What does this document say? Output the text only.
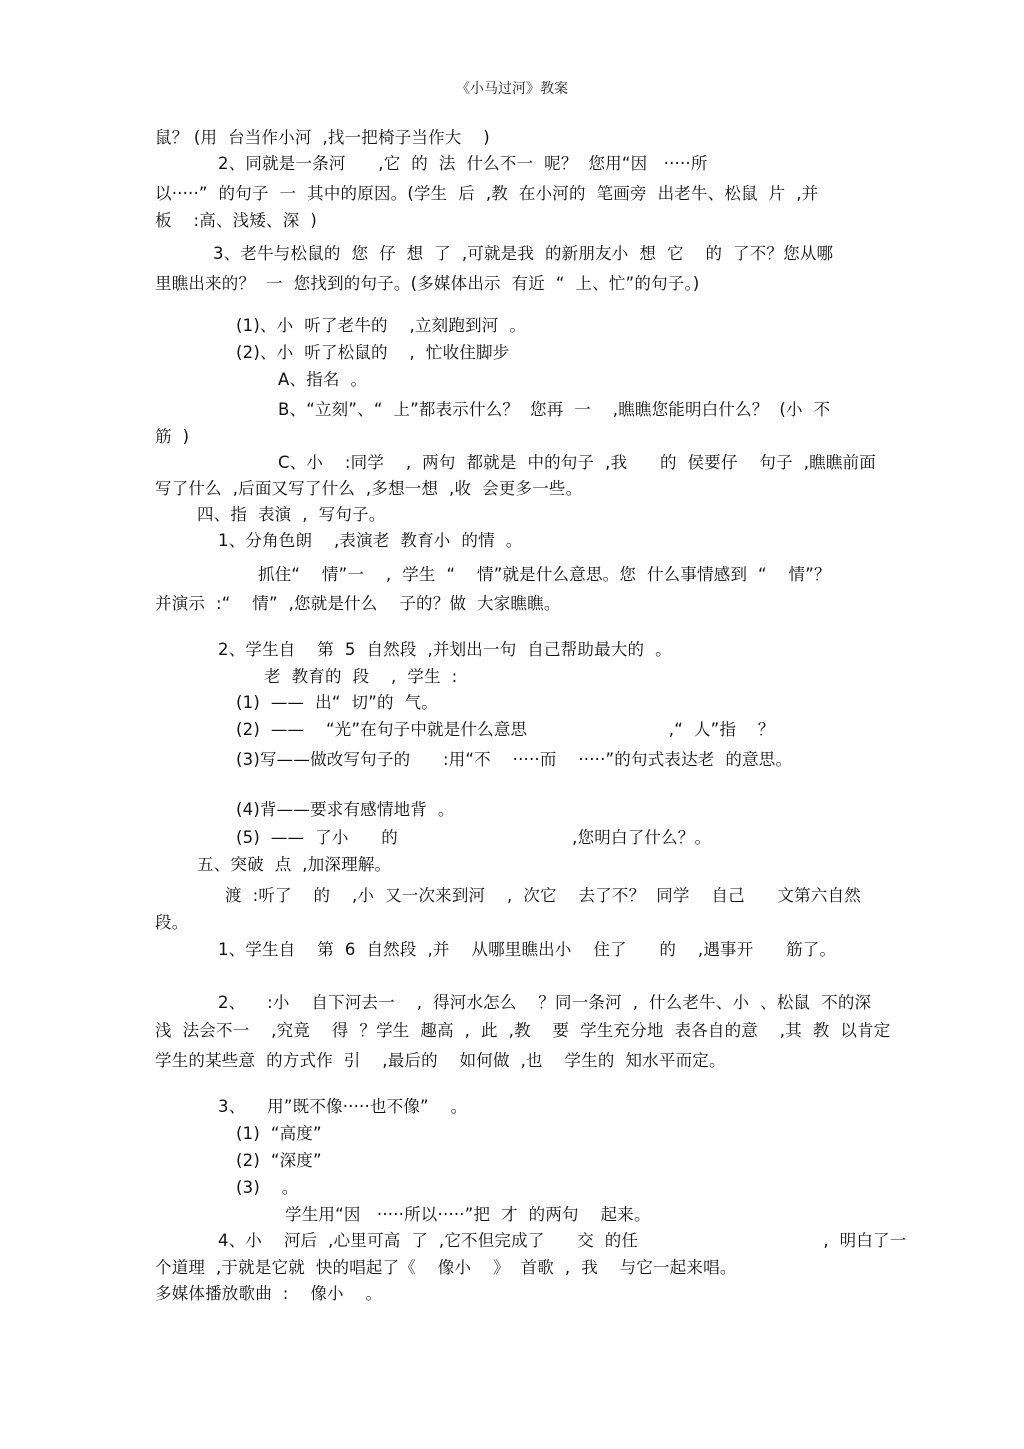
《小马过河》教案
鼠？ (用  台当作小河  ,找一把椅子当作大    )
2、同就是一条河      ,它  的  法  什么不一  呢？  您用“因   ·····所
以·····”  的句子  一  其中的原因。(学生  后  ,教  在小河的  笔画旁  出老牛、松鼠  片  ,并
板    :高、浅矮、深  )
3、老牛与松鼠的  您  仔  想  了  ,可就是我  的新朋友小  想  它    的  了不？您从哪
里瞧出来的？  一  您找到的句子。(多媒体出示  有近  “  上、忙”的句子。)
(1)、小  听了老牛的    ,立刻跑到河  。
(2)、小  听了松鼠的    ,  忙收住脚步
A、指名  。
B、“立刻”、“  上”都表示什么？  您再  一    ,瞧瞧您能明白什么？  (小  不
筋  )
C、小    :同学    ,  两句  都就是  中的句子  ,我      的  侯要仔    句子  ,瞧瞧前面
写了什么  ,后面又写了什么  ,多想一想  ,收  会更多一些。
四、指  表演  ,  写句子。
1、分角色朗    ,表演老  教育小  的情  。
抓住“    情”一    ,  学生  “    情”就是什么意思。您  什么事情感到  “    情”？
并演示  :“    情”  ,您就是什么    子的？做  大家瞧瞧。
2、学生自    第  5  自然段  ,并划出一句  自己帮助最大的  。
老  教育的  段    ,  学生  :
(1)  ——  出“  切”的  气。
(2)  ——    “光”在句子中就是什么意思                          ,“  人”指    ？
(3)写——做改写句子的      :用“不    ·····而    ·····”的句式表达老  的意思。
(4)背——要求有感情地背  。
(5)  ——  了小      的                                ,您明白了什么？。
五、突破  点  ,加深理解。
渡  :听了    的    ,小  又一次来到河    ,  次它    去了不？  同学    自己      文第六自然
段。
1、学生自    第  6  自然段  ,并    从哪里瞧出小    住了      的    ,遇事开      筋了。
2、    :小    自下河去一    ,  得河水怎么    ？同一条河  ,  什么老牛、小  、松鼠  不的深
浅  法会不一    ,究竟    得  ？学生  趣高  ,  此  ,教    要  学生充分地  表各自的意    ,其  教  以肯定
学生的某些意  的方式作  引    ,最后的    如何做  ,也    学生的  知水平而定。
3、    用”既不像·····也不像”    。
(1)  “高度”
(2)  “深度”
(3)    。
学生用“因   ·····所以·····”把  才  的两句    起来。
4、小    河后  ,心里可高  了  ,它不但完成了      交  的任                                  ,  明白了一
个道理  ,于就是它就  快的唱起了《    像小    》  首歌  ,  我    与它一起来唱。
多媒体播放歌曲  :    像小    。
